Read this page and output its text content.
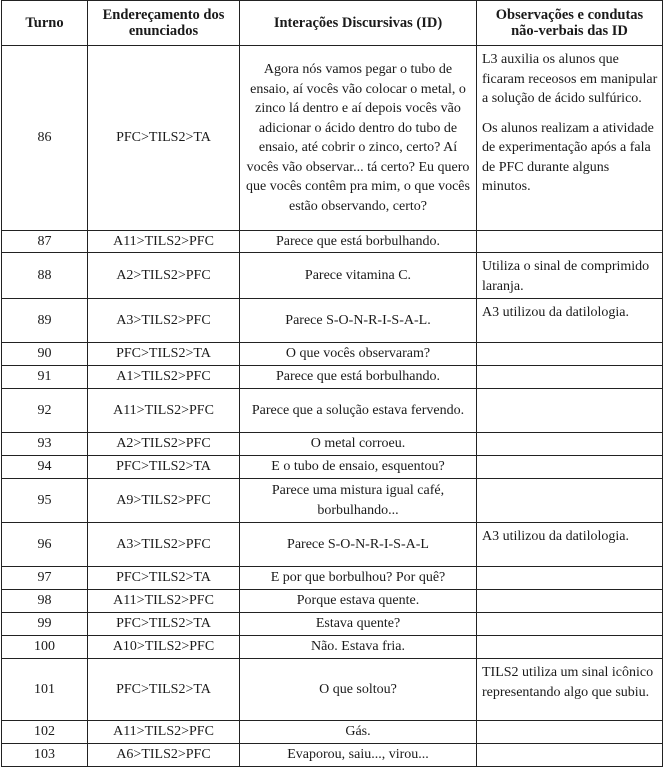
Turno	Endereçamento dos enunciados	Interações Discursivas (ID)	Observações e condutas não-verbais das ID
86	PFC>TILS2>TA	Agora nós vamos pegar o tubo de ensaio, aí vocês vão colocar o metal, o zinco lá dentro e aí depois vocês vão adicionar o ácido dentro do tubo de ensaio, até cobrir o zinco, certo? Aí vocês vão observar... tá certo? Eu quero que vocês contêm pra mim, o que vocês estão observando, certo?	L3 auxilia os alunos que ficaram receosos em manipular a solução de ácido sulfúrico.

Os alunos realizam a atividade de experimentação após a fala de PFC durante alguns minutos.

87	A11>TILS2>PFC	Parece que está borbulhando.	
88	A2>TILS2>PFC	Parece vitamina C.	Utiliza o sinal de comprimido laranja.
89	A3>TILS2>PFC	Parece S-O-N-R-I-S-A-L.	A3 utilizou da datilologia.
90	PFC>TILS2>TA	O que vocês observaram?	
91	A1>TILS2>PFC	Parece que está borbulhando.	
92	A11>TILS2>PFC	Parece que a solução estava fervendo.	
93	A2>TILS2>PFC	O metal corroeu.	
94	PFC>TILS2>TA	E o tubo de ensaio, esquentou?	
95	A9>TILS2>PFC	Parece uma mistura igual café, borbulhando...	
96	A3>TILS2>PFC	Parece S-O-N-R-I-S-A-L	A3 utilizou da datilologia.
97	PFC>TILS2>TA	E por que borbulhou? Por quê?	
98	A11>TILS2>PFC	Porque estava quente.	
99	PFC>TILS2>TA	Estava quente?	
100	A10>TILS2>PFC	Não. Estava fria.	
101	PFC>TILS2>TA	O que soltou?	TILS2 utiliza um sinal icônico representando algo que subiu.
102	A11>TILS2>PFC	Gás.	
103	A6>TILS2>PFC	Evaporou, saiu..., virou...	
